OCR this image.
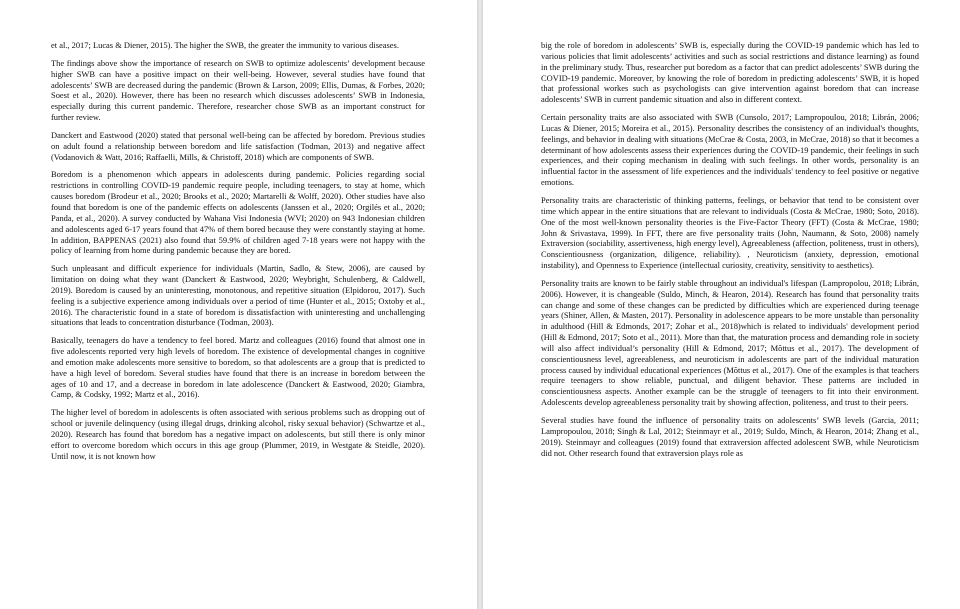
et al., 2017; Lucas & Diener, 2015). The higher the SWB, the greater the immunity to various diseases.

The findings above show the importance of research on SWB to optimize adolescents’ development because higher SWB can have a positive impact on their well-being. However, several studies have found that adolescents’ SWB are decreased during the pandemic (Brown & Larson, 2009; Ellis, Dumas, & Forbes, 2020; Soest et al., 2020). However, there has been no research which discusses adolescents’ SWB in Indonesia, especially during this current pandemic. Therefore, researcher chose SWB as an important construct for further review.

Danckert and Eastwood (2020) stated that personal well-being can be affected by boredom. Previous studies on adult found a relationship between boredom and life satisfaction (Todman, 2013) and negative affect (Vodanovich & Watt, 2016; Raffaelli, Mills, & Christoff, 2018) which are components of SWB.

Boredom is a phenomenon which appears in adolescents during pandemic. Policies regarding social restrictions in controlling COVID-19 pandemic require people, including teenagers, to stay at home, which causes boredom (Brodeur et al., 2020; Brooks et al., 2020; Martarelli & Wolff, 2020). Other studies have also found that boredom is one of the pandemic effects on adolescents (Janssen et al., 2020; Orgilés et al., 2020; Panda, et al., 2020). A survey conducted by Wahana Visi Indonesia (WVI; 2020) on 943 Indonesian children and adolescents aged 6-17 years found that 47% of them bored because they were constantly staying at home. In addition, BAPPENAS (2021) also found that 59.9% of children aged 7-18 years were not happy with the policy of learning from home during pandemic because they are bored.

Such unpleasant and difficult experience for individuals (Martin, Sadlo, & Stew, 2006), are caused by limitation on doing what they want (Danckert & Eastwood, 2020; Weybright, Schulenberg, & Caldwell, 2019). Boredom is caused by an uninteresting, monotonous, and repetitive situation (Elpidorou, 2017). Such feeling is a subjective experience among individuals over a period of time (Hunter et al., 2015; Oxtoby et al., 2016). The characteristic found in a state of boredom is dissatisfaction with uninteresting and unchallenging situations that leads to concentration disturbance (Todman, 2003).

Basically, teenagers do have a tendency to feel bored. Martz and colleagues (2016) found that almost one in five adolescents reported very high levels of boredom. The existence of developmental changes in cognitive and emotion make adolescents more sensitive to boredom, so that adolescents are a group that is predicted to have a high level of boredom. Several studies have found that there is an increase in boredom between the ages of 10 and 17, and a decrease in boredom in late adolescence (Danckert & Eastwood, 2020; Giambra, Camp, & Codsky, 1992; Martz et al., 2016).

The higher level of boredom in adolescents is often associated with serious problems such as dropping out of school or juvenile delinquency (using illegal drugs, drinking alcohol, risky sexual behavior) (Schwartze et al., 2020). Research has found that boredom has a negative impact on adolescents, but still there is only minor effort to overcome boredom which occurs in this age group (Plummer, 2019, in Westgate & Steidle, 2020). Until now, it is not known how

big the role of boredom in adolescents’ SWB is, especially during the COVID-19 pandemic which has led to various policies that limit adolescents’ activities and such as social restrictions and distance learning) as found in the preliminary study. Thus, researcher put boredom as a factor that can predict adolescents’ SWB during the COVID-19 pandemic. Moreover, by knowing the role of boredom in predicting adolescents’ SWB, it is hoped that professional workes such as psychologists can give intervention against boredom that can increase adolescents’ SWB in current pandemic situation and also in different context.

Certain personality traits are also associated with SWB (Cunsolo, 2017; Lampropoulou, 2018; Librán, 2006; Lucas & Diener, 2015; Moreira et al., 2015). Personality describes the consistency of an individual's thoughts, feelings, and behavior in dealing with situations (McCrae & Costa, 2003, in McCrae, 2018) so that it becomes a determinant of how adolescents assess their experiences during the COVID-19 pandemic, their feelings in such experiences, and their coping mechanism in dealing with such feelings. In other words, personality is an influential factor in the assessment of life experiences and the individuals' tendency to feel positive or negative emotions.

Personality traits are characteristic of thinking patterns, feelings, or behavior that tend to be consistent over time which appear in the entire situations that are relevant to individuals (Costa & McCrae, 1980; Soto, 2018). One of the most well-known personality theories is the Five-Factor Theory (FFT) (Costa & McCrae, 1980; John & Srivastava, 1999). In FFT, there are five personality traits (John, Naumann, & Soto, 2008) namely Extraversion (sociability, assertiveness, high energy level), Agreeableness (affection, politeness, trust in others), Conscientiousness (organization, diligence, reliability). , Neuroticism (anxiety, depression, emotional instability), and Openness to Experience (intellectual curiosity, creativity, sensitivity to aesthetics).

Personality traits are known to be fairly stable throughout an individual's lifespan (Lampropolou, 2018; Librán, 2006). However, it is changeable (Suldo, Minch, & Hearon, 2014). Research has found that personality traits can change and some of these changes can be predicted by difficulties which are experienced during teenage years (Shiner, Allen, & Masten, 2017). Personality in adolescence appears to be more unstable than personality in adulthood (Hill & Edmonds, 2017; Zohar et al., 2018)which is related to individuals' development period (Hill & Edmond, 2017; Soto et al., 2011). More than that, the maturation process and demanding role in society will also affect individual’s personality (Hill & Edmond, 2017; Mõttus et al., 2017). The development of conscientiousness level, agreeableness, and neuroticism in adolescents are part of the individual maturation process caused by individual educational experiences (Mõttus et al., 2017). One of the examples is that teachers require teenagers to show reliable, punctual, and diligent behavior. These patterns are included in conscientiousness aspects. Another example can be the struggle of teenagers to fit into their environment. Adolescents develop agreeableness personality trait by showing affection, politeness, and trust to their peers.

Several studies have found the influence of personality traits on adolescents’ SWB levels (Garcia, 2011; Lampropoulou, 2018; Singh & Lal, 2012; Steinmayr et al., 2019; Suldo, Minch, & Hearon, 2014; Zhang et al., 2019). Steinmayr and colleagues (2019) found that extraversion affected adolescent SWB, while Neuroticism did not. Other research found that extraversion plays role as
